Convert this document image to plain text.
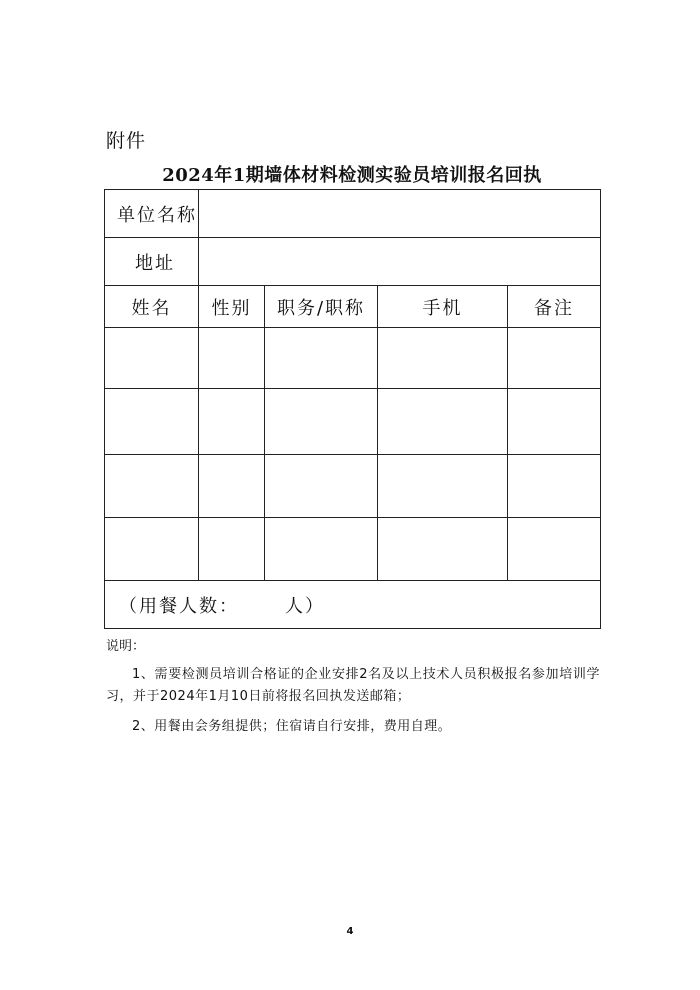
附件
2024年1期墙体材料检测实验员培训报名回执
单位名称				
地址				
姓名	性别	职务/职称	手机	备注

（用餐人数： 人）				
说明：

1、需要检测员培训合格证的企业安排2名及以上技术人员积极报名参加培训学习，并于2024年1月10日前将报名回执发送邮箱；

2、用餐由会务组提供；住宿请自行安排，费用自理。

4
